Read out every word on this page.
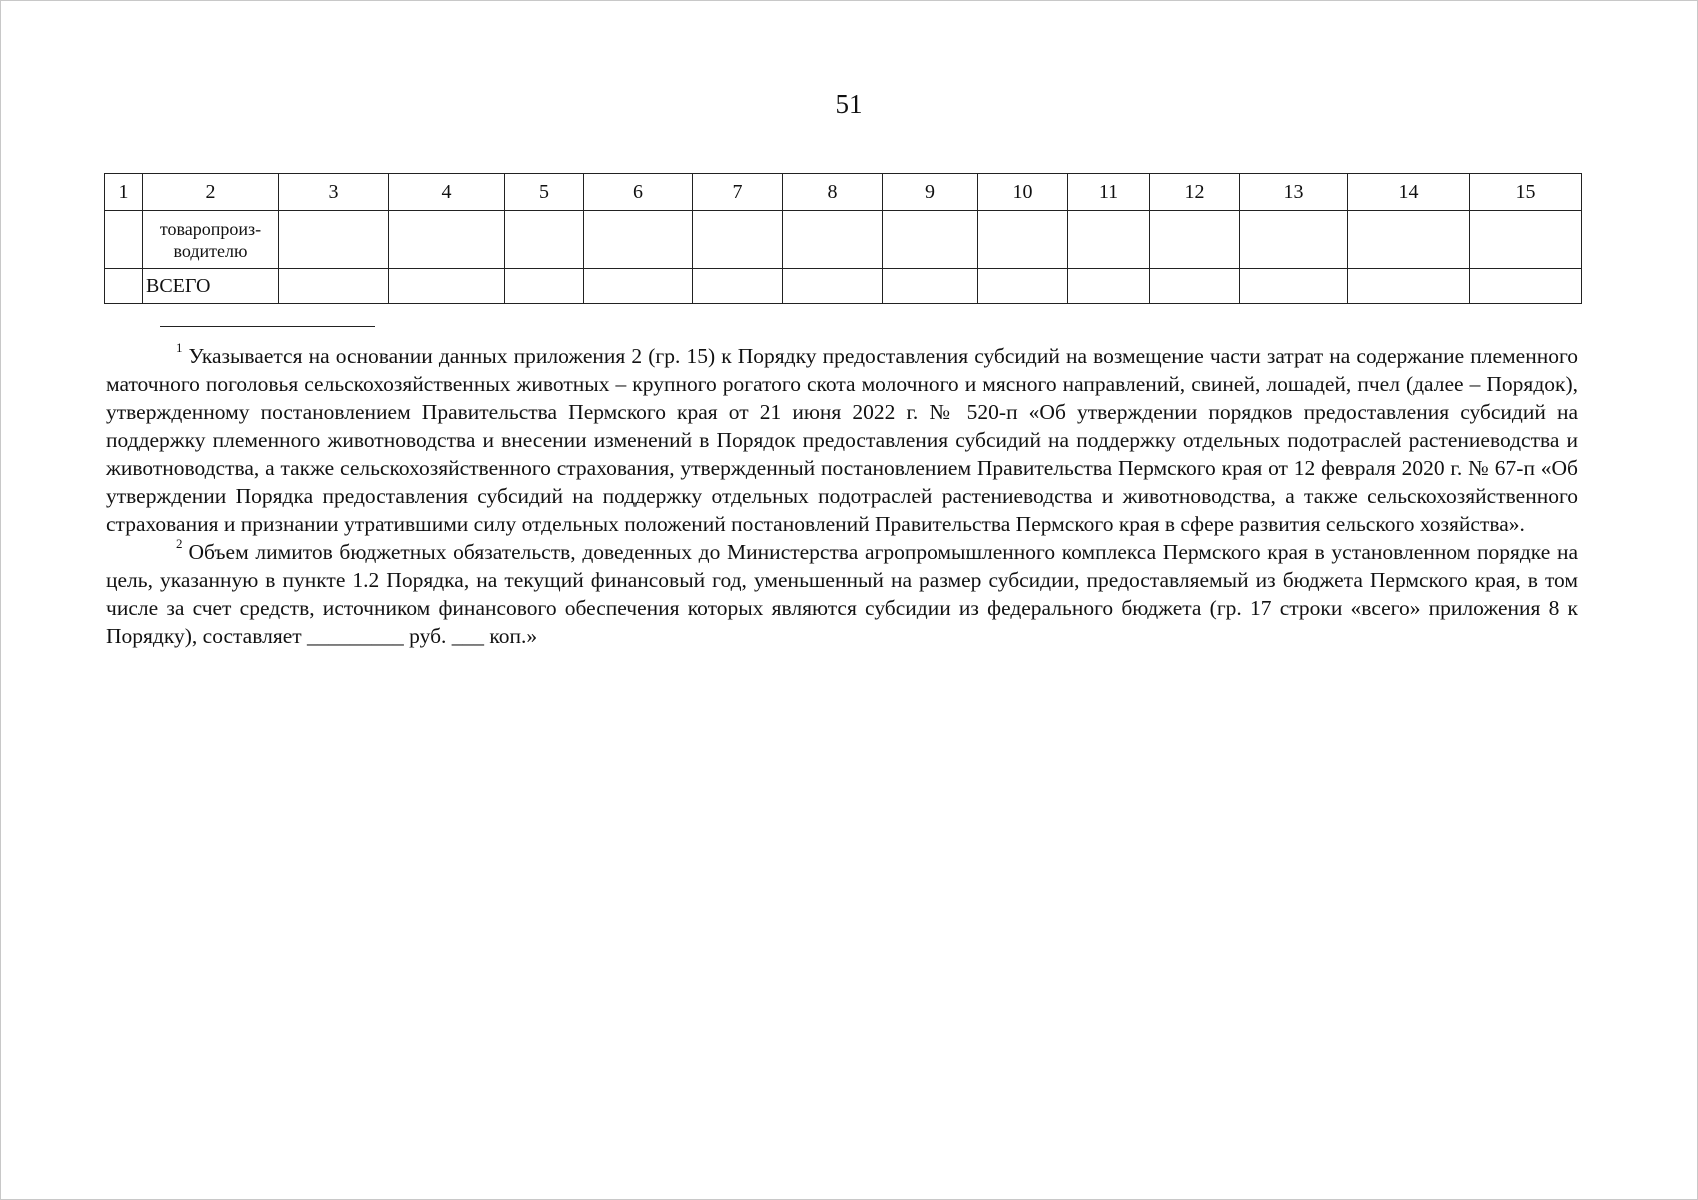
51
1	2	3	4	5	6	7	8	9	10	11	12	13	14	15
	товаропроиз-
водителю													
	ВСЕГО													

$^1$ Указывается на основании данных приложения 2 (гр. 15) к Порядку предоставления субсидий на возмещение части затрат на содержание племенного маточного поголовья сельскохозяйственных животных – крупного рогатого скота молочного и мясного направлений, свиней, лошадей, пчел (далее – Порядок), утвержденному постановлением Правительства Пермского края от 21 июня 2022 г. № 520-п «Об утверждении порядков предоставления субсидий на поддержку племенного животноводства и внесении изменений в Порядок предоставления субсидий на поддержку отдельных подотраслей растениеводства и животноводства, а также сельскохозяйственного страхования, утвержденный постановлением Правительства Пермского края от 12 февраля 2020 г. № 67-п «Об утверждении Порядка предоставления субсидий на поддержку отдельных подотраслей растениеводства и животноводства, а также сельскохозяйственного страхования и признании утратившими силу отдельных положений постановлений Правительства Пермского края в сфере развития сельского хозяйства».

$^2$ Объем лимитов бюджетных обязательств, доведенных до Министерства агропромышленного комплекса Пермского края в установленном порядке на цель, указанную в пункте 1.2 Порядка, на текущий финансовый год, уменьшенный на размер субсидии, предоставляемый из бюджета Пермского края, в том числе за счет средств, источником финансового обеспечения которых являются субсидии из федерального бюджета (гр. 17 строки «всего» приложения 8 к Порядку), составляет _________ руб. ___ коп.»
